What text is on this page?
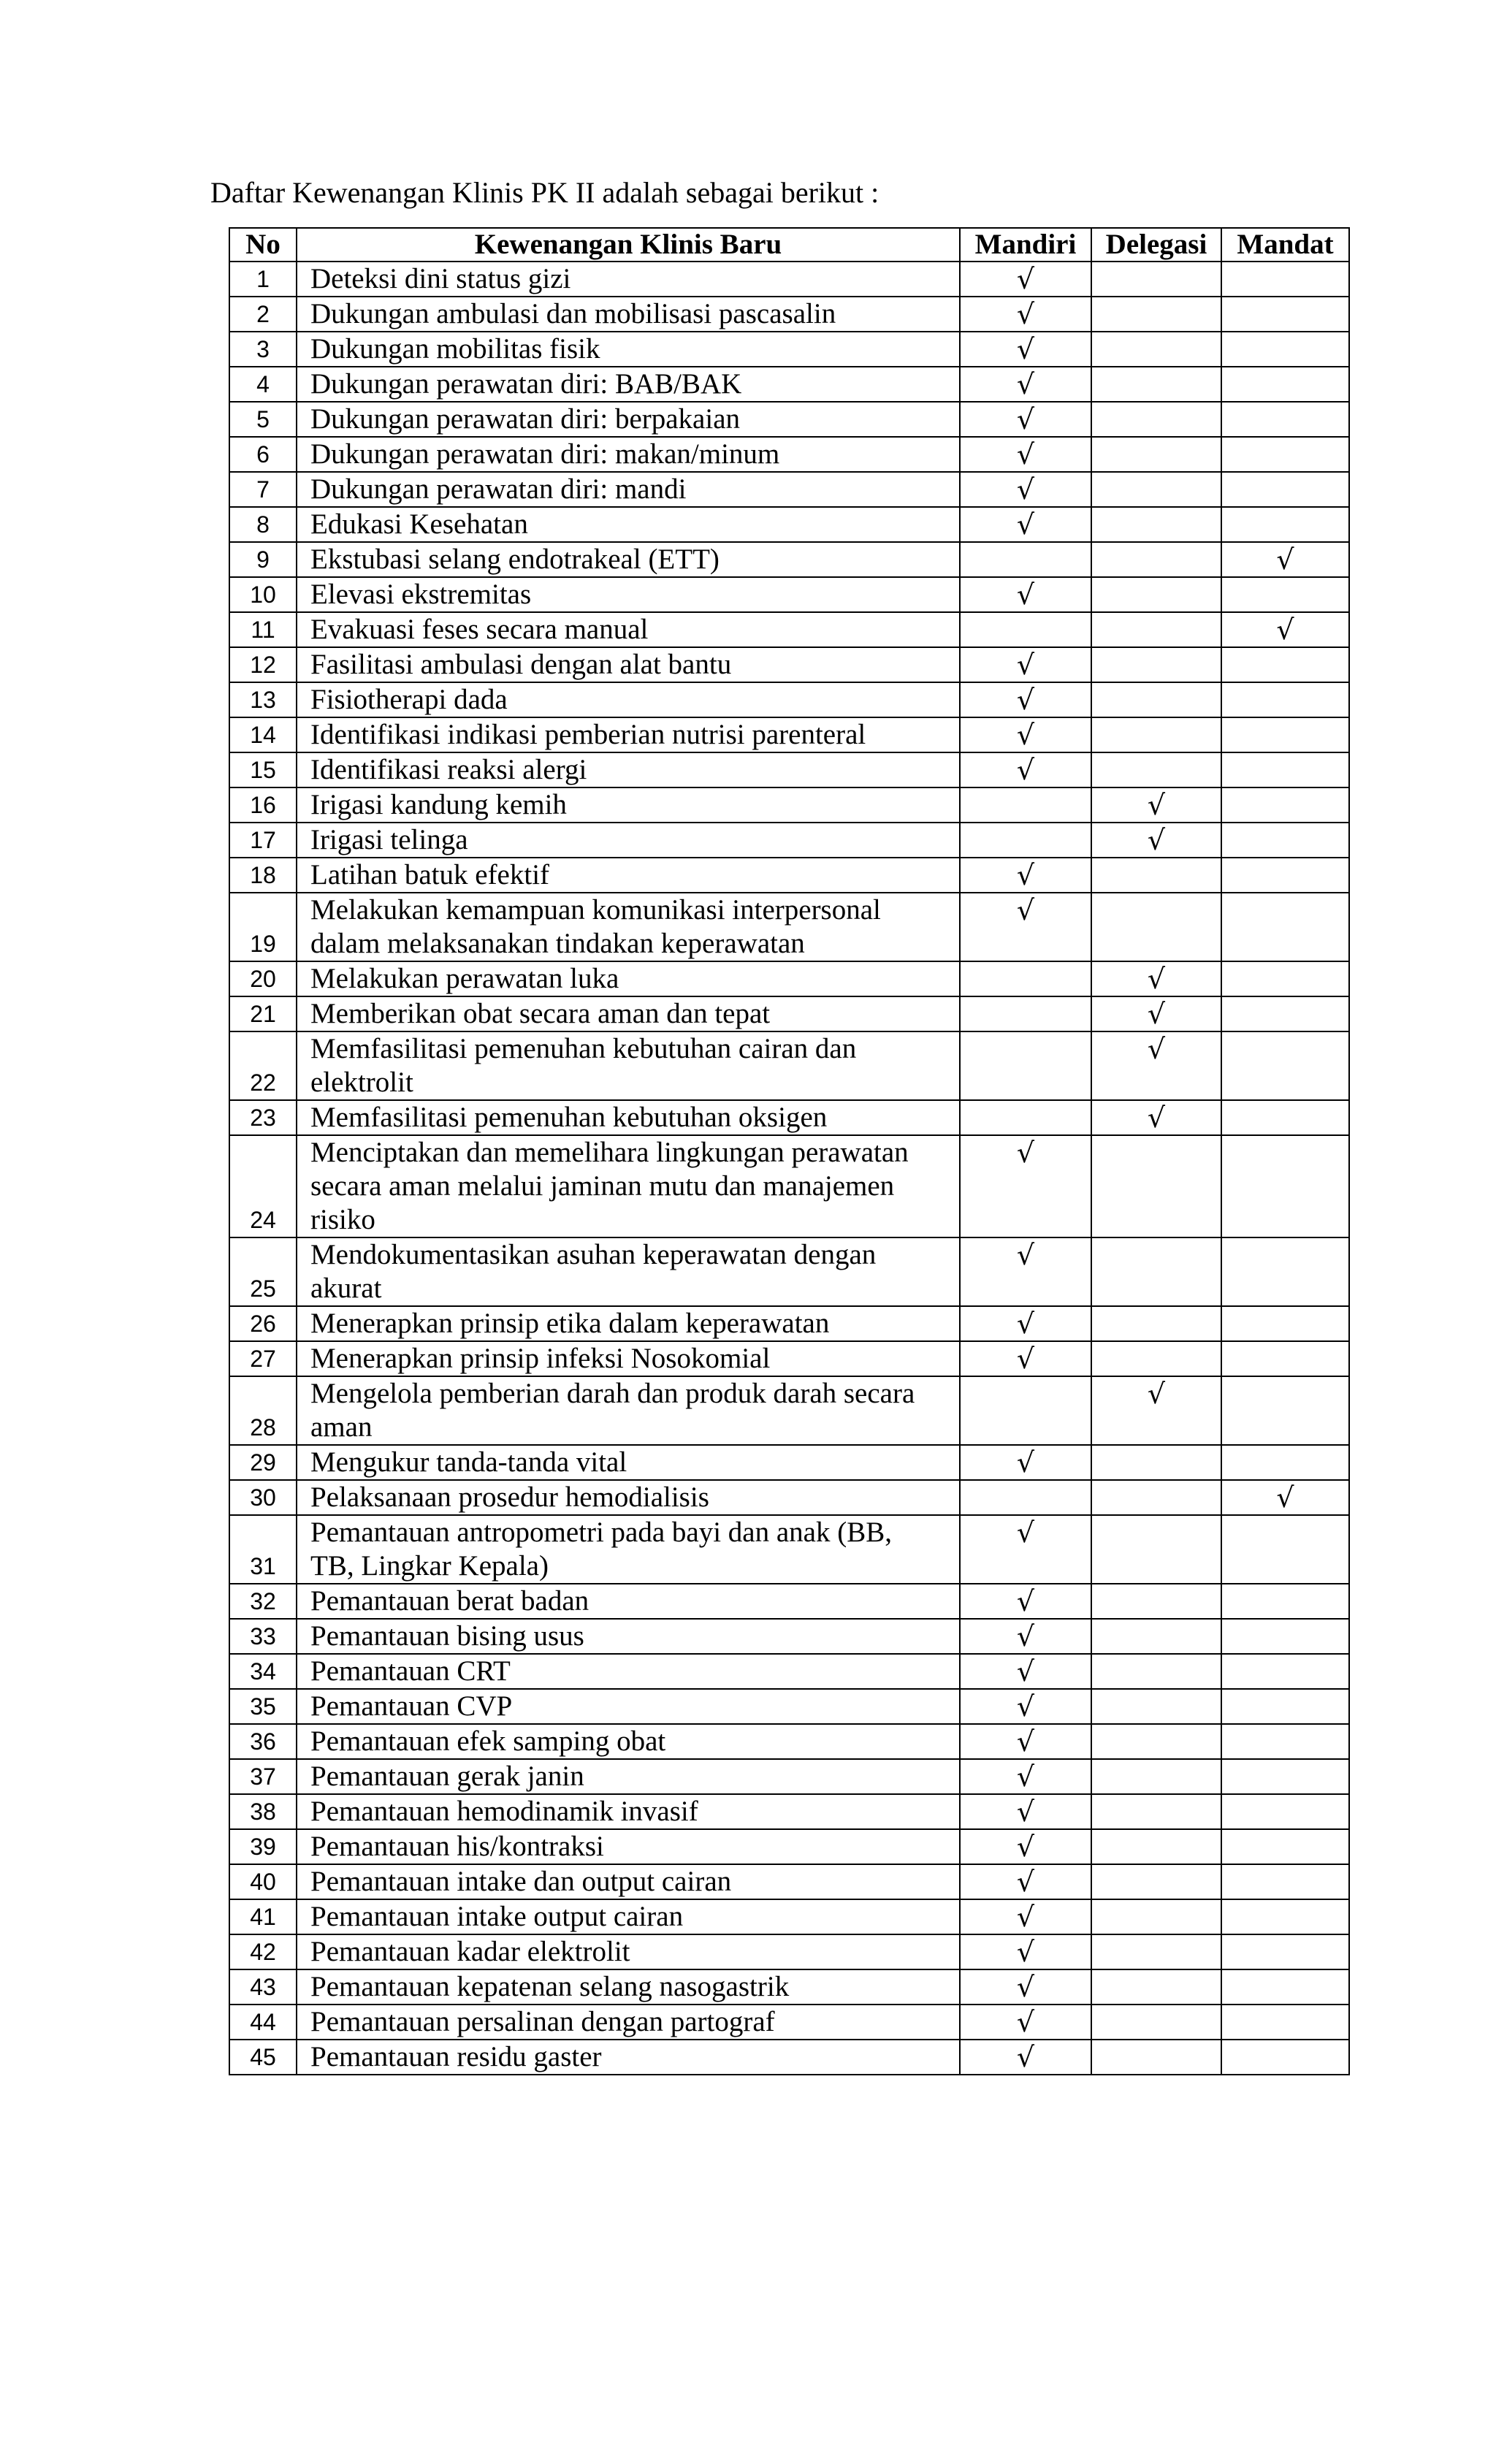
Daftar Kewenangan Klinis PK II adalah sebagai berikut :
No	Kewenangan Klinis Baru	Mandiri	Delegasi	Mandat
1	Deteksi dini status gizi	√		
2	Dukungan ambulasi dan mobilisasi pascasalin	√		
3	Dukungan mobilitas fisik	√		
4	Dukungan perawatan diri: BAB/BAK	√		
5	Dukungan perawatan diri: berpakaian	√		
6	Dukungan perawatan diri: makan/minum	√		
7	Dukungan perawatan diri: mandi	√		
8	Edukasi Kesehatan	√		
9	Ekstubasi selang endotrakeal (ETT)			√
10	Elevasi ekstremitas	√		
11	Evakuasi feses secara manual			√
12	Fasilitasi ambulasi dengan alat bantu	√		
13	Fisiotherapi dada	√		
14	Identifikasi indikasi pemberian nutrisi parenteral	√		
15	Identifikasi reaksi alergi	√		
16	Irigasi kandung kemih		√	
17	Irigasi telinga		√	
18	Latihan batuk efektif	√		
19	Melakukan kemampuan komunikasi interpersonal
dalam melaksanakan tindakan keperawatan	√		
20	Melakukan perawatan luka		√	
21	Memberikan obat secara aman dan tepat		√	
22	Memfasilitasi pemenuhan kebutuhan cairan dan
elektrolit		√	
23	Memfasilitasi pemenuhan kebutuhan oksigen		√	
24	Menciptakan dan memelihara lingkungan perawatan
secara aman melalui jaminan mutu dan manajemen
risiko	√		
25	Mendokumentasikan asuhan keperawatan dengan
akurat	√		
26	Menerapkan prinsip etika dalam keperawatan	√		
27	Menerapkan prinsip infeksi Nosokomial	√		
28	Mengelola pemberian darah dan produk darah secara
aman		√	
29	Mengukur tanda-tanda vital	√		
30	Pelaksanaan prosedur hemodialisis			√
31	Pemantauan antropometri pada bayi dan anak (BB,
TB, Lingkar Kepala)	√		
32	Pemantauan berat badan	√		
33	Pemantauan bising usus	√		
34	Pemantauan CRT	√		
35	Pemantauan CVP	√		
36	Pemantauan efek samping obat	√		
37	Pemantauan gerak janin	√		
38	Pemantauan hemodinamik invasif	√		
39	Pemantauan his/kontraksi	√		
40	Pemantauan intake dan output cairan	√		
41	Pemantauan intake output cairan	√		
42	Pemantauan kadar elektrolit	√		
43	Pemantauan kepatenan selang nasogastrik	√		
44	Pemantauan persalinan dengan partograf	√		
45	Pemantauan residu gaster	√		
